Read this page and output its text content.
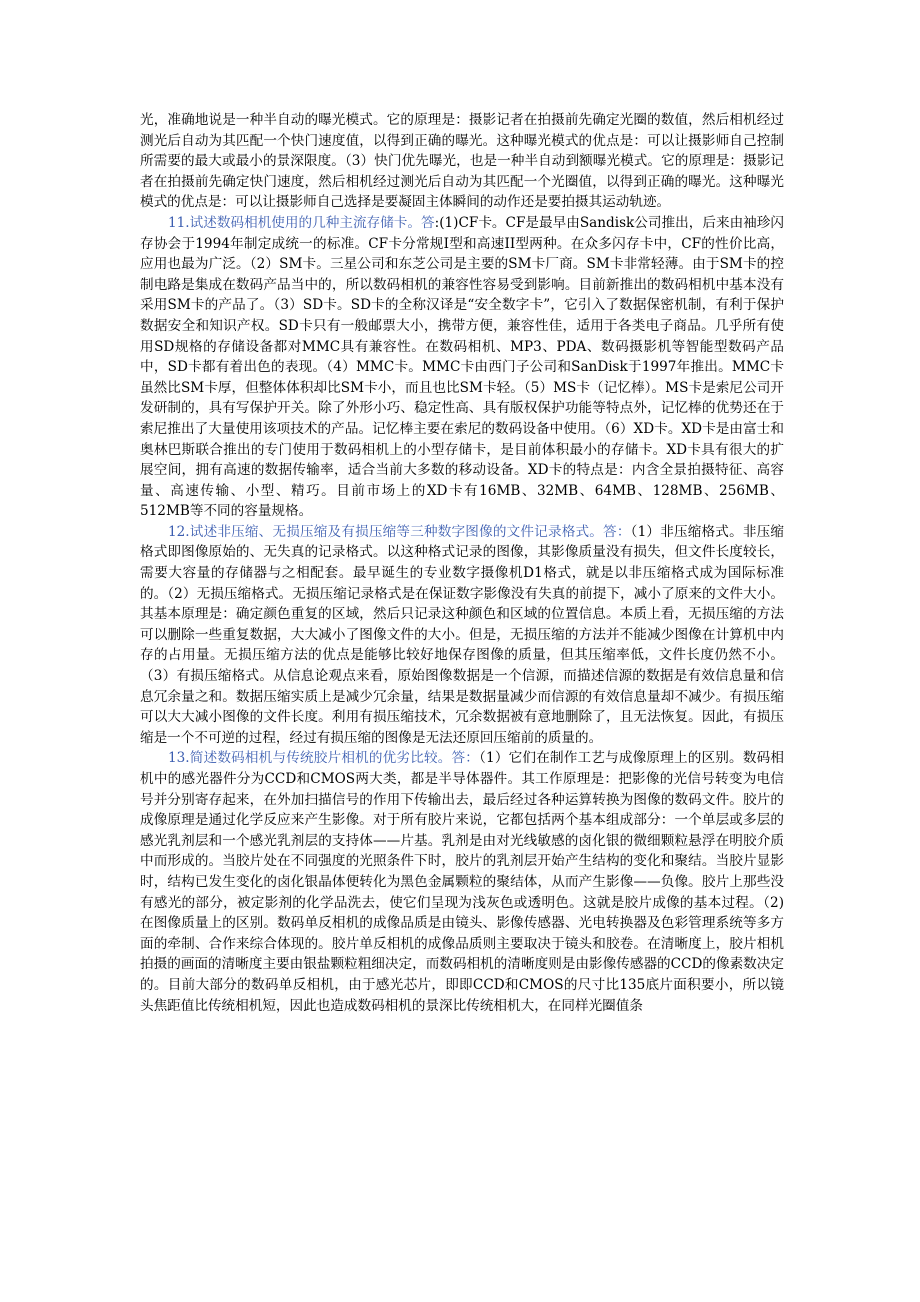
光，准确地说是一种半自动的曝光模式。它的原理是：摄影记者在拍摄前先确定光圈的数值，然后相机经过测光后自动为其匹配一个快门速度值，以得到正确的曝光。这种曝光模式的优点是：可以让摄影师自己控制所需要的最大或最小的景深限度。（3）快门优先曝光，也是一种半自动到额曝光模式。它的原理是：摄影记者在拍摄前先确定快门速度，然后相机经过测光后自动为其匹配一个光圈值，以得到正确的曝光。这种曝光模式的优点是：可以让摄影师自己选择是要凝固主体瞬间的动作还是要拍摄其运动轨迹。

11.试述数码相机使用的几种主流存储卡。答:(1)CF卡。CF是最早由Sandisk公司推出，后来由袖珍闪存协会于1994年制定成统一的标准。CF卡分常规I型和高速II型两种。在众多闪存卡中，CF的性价比高，应用也最为广泛。（2）SM卡。三星公司和东芝公司是主要的SM卡厂商。SM卡非常轻薄。由于SM卡的控制电路是集成在数码产品当中的，所以数码相机的兼容性容易受到影响。目前新推出的数码相机中基本没有采用SM卡的产品了。（3）SD卡。SD卡的全称汉译是“安全数字卡”，它引入了数据保密机制，有利于保护数据安全和知识产权。SD卡只有一般邮票大小，携带方便，兼容性佳，适用于各类电子商品。几乎所有使用SD规格的存储设备都对MMC具有兼容性。在数码相机、MP3、PDA、数码摄影机等智能型数码产品中，SD卡都有着出色的表现。（4）MMC卡。MMC卡由西门子公司和SanDisk于1997年推出。MMC卡虽然比SM卡厚，但整体体积却比SM卡小，而且也比SM卡轻。（5）MS卡（记忆棒）。MS卡是索尼公司开发研制的，具有写保护开关。除了外形小巧、稳定性高、具有版权保护功能等特点外，记忆棒的优势还在于索尼推出了大量使用该项技术的产品。记忆棒主要在索尼的数码设备中使用。（6）XD卡。XD卡是由富士和奥林巴斯联合推出的专门使用于数码相机上的小型存储卡，是目前体积最小的存储卡。XD卡具有很大的扩展空间，拥有高速的数据传输率，适合当前大多数的移动设备。XD卡的特点是：内含全景拍摄特征、高容量、高速传输、小型、精巧。目前市场上的XD卡有16MB、32MB、64MB、128MB、256MB、512MB等不同的容量规格。

12.试述非压缩、无损压缩及有损压缩等三种数字图像的文件记录格式。答：（1）非压缩格式。非压缩格式即图像原始的、无失真的记录格式。以这种格式记录的图像，其影像质量没有损失，但文件长度较长，需要大容量的存储器与之相配套。最早诞生的专业数字摄像机D1格式，就是以非压缩格式成为国际标准的。（2）无损压缩格式。无损压缩记录格式是在保证数字影像没有失真的前提下，减小了原来的文件大小。其基本原理是：确定颜色重复的区域，然后只记录这种颜色和区域的位置信息。本质上看，无损压缩的方法可以删除一些重复数据，大大减小了图像文件的大小。但是，无损压缩的方法并不能减少图像在计算机中内存的占用量。无损压缩方法的优点是能够比较好地保存图像的质量，但其压缩率低，文件长度仍然不小。（3）有损压缩格式。从信息论观点来看，原始图像数据是一个信源，而描述信源的数据是有效信息量和信息冗余量之和。数据压缩实质上是减少冗余量，结果是数据量减少而信源的有效信息量却不减少。有损压缩可以大大减小图像的文件长度。利用有损压缩技术，冗余数据被有意地删除了，且无法恢复。因此，有损压缩是一个不可逆的过程，经过有损压缩的图像是无法还原回压缩前的质量的。

13.简述数码相机与传统胶片相机的优劣比较。答：（1）它们在制作工艺与成像原理上的区别。数码相机中的感光器件分为CCD和CMOS两大类，都是半导体器件。其工作原理是：把影像的光信号转变为电信号并分别寄存起来，在外加扫描信号的作用下传输出去，最后经过各种运算转换为图像的数码文件。胶片的成像原理是通过化学反应来产生影像。对于所有胶片来说，它都包括两个基本组成部分：一个单层或多层的感光乳剂层和一个感光乳剂层的支持体——片基。乳剂是由对光线敏感的卤化银的微细颗粒悬浮在明胶介质中而形成的。当胶片处在不同强度的光照条件下时，胶片的乳剂层开始产生结构的变化和聚结。当胶片显影时，结构已发生变化的卤化银晶体便转化为黑色金属颗粒的聚结体，从而产生影像——负像。胶片上那些没有感光的部分，被定影剂的化学品洗去，使它们呈现为浅灰色或透明色。这就是胶片成像的基本过程。（2)在图像质量上的区别。数码单反相机的成像品质是由镜头、影像传感器、光电转换器及色彩管理系统等多方面的牵制、合作来综合体现的。胶片单反相机的成像品质则主要取决于镜头和胶卷。在清晰度上，胶片相机拍摄的画面的清晰度主要由银盐颗粒粗细决定，而数码相机的清晰度则是由影像传感器的CCD的像素数决定的。目前大部分的数码单反相机，由于感光芯片，即即CCD和CMOS的尺寸比135底片面积要小，所以镜头焦距值比传统相机短，因此也造成数码相机的景深比传统相机大，在同样光圈值条
